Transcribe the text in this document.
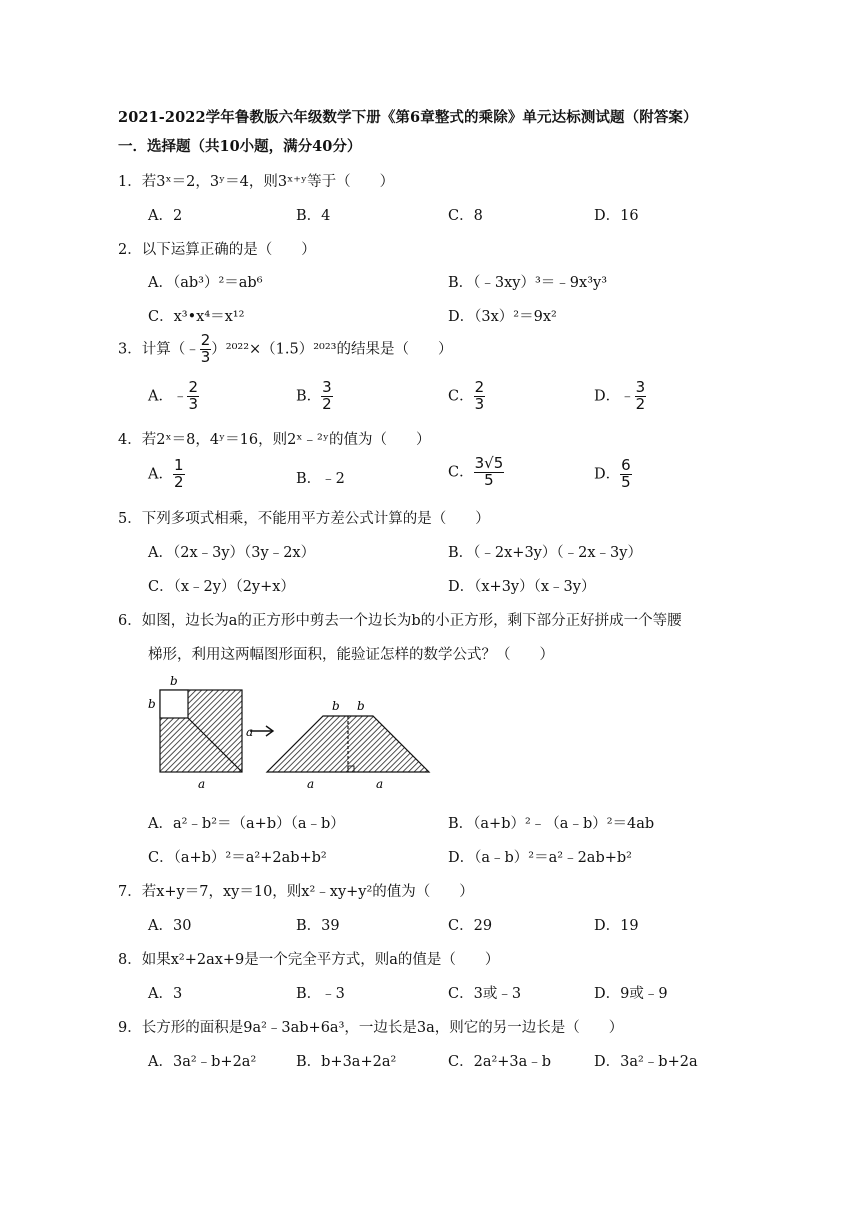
2021-2022学年鲁教版六年级数学下册《第6章整式的乘除》单元达标测试题（附答案）
一．选择题（共10小题，满分40分）
1．若3ˣ＝2，3ʸ＝4，则3ˣ⁺ʸ等于（　　）
A．2	B．4	C．8	D．16
2．以下运算正确的是（　　）
A．（ab³）²＝ab⁶	B．（﹣3xy）³＝﹣9x³y³
C．x³•x⁴＝x¹²	D．（3x）²＝9x²
3．计算（﹣ $\frac{2}{3} )^{2022}\times(1.5)^{2023}$的结果是（　　）
A．﹣ $\frac{2}{3}$	B． $\frac{3}{2}$	C． $\frac{2}{3}$	D．﹣ $\frac{3}{2}$
4．若2ˣ＝8，4ʸ＝16，则2ˣ﹣²ʸ的值为（　　）
A． $\frac{1}{2}$	B．﹣2	C． $\frac{3√5}{5}$	D． $\frac{6}{5}$
5．下列多项式相乘，不能用平方差公式计算的是（　　）
A．（2x﹣3y）（3y﹣2x）	B．（﹣2x+3y）（﹣2x﹣3y）
C．（x﹣2y）（2y+x）	D．（x+3y）（x﹣3y）
6．如图，边长为a的正方形中剪去一个边长为b的小正方形，剩下部分正好拼成一个等腰
梯形，利用这两幅图形面积，能验证怎样的数学公式？（　　）
b
b
a
a
b b
a	a
A．a²﹣b²＝（a+b）（a﹣b）	B．（a+b）²﹣（a﹣b）²＝4ab
C．（a+b）²＝a²+2ab+b²	D．（a﹣b）²＝a²﹣2ab+b²
7．若x+y＝7，xy＝10，则x²﹣xy+y²的值为（　　）
A．30	B．39	C．29	D．19
8．如果x²+2ax+9是一个完全平方式，则a的值是（　　）
A．3	B．﹣3	C．3或﹣3	D．9或﹣9
9．长方形的面积是9a²﹣3ab+6a³，一边长是3a，则它的另一边长是（　　）
A．3a²﹣b+2a²	B．b+3a+2a²	C．2a²+3a﹣b	D．3a²﹣b+2a
